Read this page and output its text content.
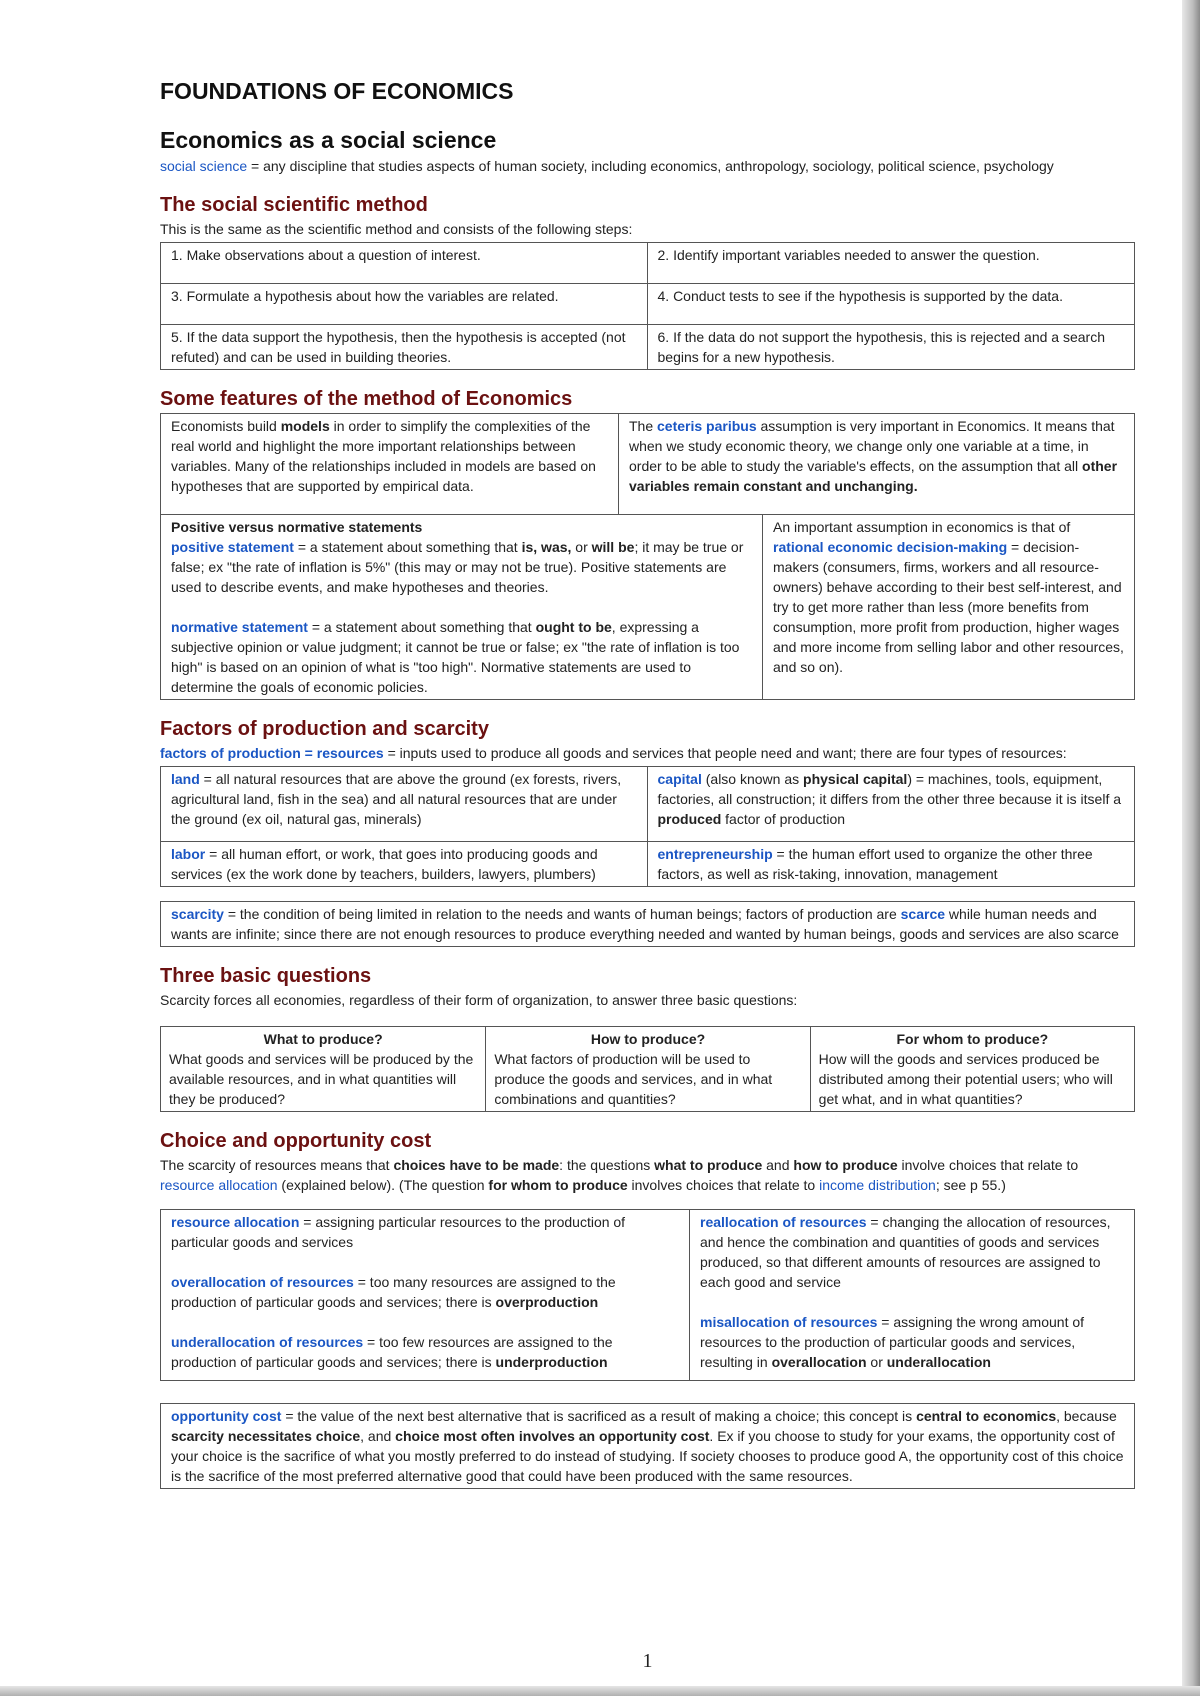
FOUNDATIONS OF ECONOMICS
Economics as a social science

social science = any discipline that studies aspects of human society, including economics, anthropology, sociology, political science, psychology

The social scientific method

This is the same as the scientific method and consists of the following steps:

1. Make observations about a question of interest.	2. Identify important variables needed to answer the question.
3. Formulate a hypothesis about how the variables are related.	4. Conduct tests to see if the hypothesis is supported by the data.
5. If the data support the hypothesis, then the hypothesis is accepted (not refuted) and can be used in building theories.
6. If the data do not support the hypothesis, this is rejected and a search begins for a new hypothesis.
Some features of the method of Economics
Economists build models in order to simplify the complexities of the real world and highlight the more important relationships between variables. Many of the relationships included in models are based on hypotheses that are supported by empirical data.
The ceteris paribus assumption is very important in Economics. It means that when we study economic theory, we change only one variable at a time, in order to be able to study the variable's effects, on the assumption that all other variables remain constant and unchanging.
Positive versus normative statements
positive statement = a statement about something that is, was, or will be; it may be true or false; ex "the rate of inflation is 5%" (this may or may not be true). Positive statements are used to describe events, and make hypotheses and theories.
normative statement = a statement about something that ought to be, expressing a subjective opinion or value judgment; it cannot be true or false; ex "the rate of inflation is too high" is based on an opinion of what is "too high". Normative statements are used to determine the goals of economic policies.
An important assumption in economics is that of rational economic decision-making = decision-makers (consumers, firms, workers and all resource-owners) behave according to their best self-interest, and try to get more rather than less (more benefits from consumption, more profit from production, higher wages and more income from selling labor and other resources, and so on).
Factors of production and scarcity

factors of production = resources = inputs used to produce all goods and services that people need and want; there are four types of resources:

land = all natural resources that are above the ground (ex forests, rivers, agricultural land, fish in the sea) and all natural resources that are under the ground (ex oil, natural gas, minerals)
capital (also known as physical capital) = machines, tools, equipment, factories, all construction; it differs from the other three because it is itself a produced factor of production
labor = all human effort, or work, that goes into producing goods and services (ex the work done by teachers, builders, lawyers, plumbers)
entrepreneurship = the human effort used to organize the other three factors, as well as risk-taking, innovation, management
scarcity = the condition of being limited in relation to the needs and wants of human beings; factors of production are scarce while human needs and wants are infinite; since there are not enough resources to produce everything needed and wanted by human beings, goods and services are also scarce
Three basic questions

Scarcity forces all economies, regardless of their form of organization, to answer three basic questions:

What to produce?
What goods and services will be produced by the available resources, and in what quantities will they be produced?
How to produce?
What factors of production will be used to produce the goods and services, and in what combinations and quantities?
For whom to produce?
How will the goods and services produced be distributed among their potential users; who will get what, and in what quantities?
Choice and opportunity cost

The scarcity of resources means that choices have to be made: the questions what to produce and how to produce involve choices that relate to resource allocation (explained below). (The question for whom to produce involves choices that relate to income distribution; see p 55.)

resource allocation = assigning particular resources to the production of particular goods and services
overallocation of resources = too many resources are assigned to the production of particular goods and services; there is overproduction
underallocation of resources = too few resources are assigned to the production of particular goods and services; there is underproduction
reallocation of resources = changing the allocation of resources, and hence the combination and quantities of goods and services produced, so that different amounts of resources are assigned to each good and service
misallocation of resources = assigning the wrong amount of resources to the production of particular goods and services, resulting in overallocation or underallocation
opportunity cost = the value of the next best alternative that is sacrificed as a result of making a choice; this concept is central to economics, because scarcity necessitates choice, and choice most often involves an opportunity cost. Ex if you choose to study for your exams, the opportunity cost of your choice is the sacrifice of what you mostly preferred to do instead of studying. If society chooses to produce good A, the opportunity cost of this choice is the sacrifice of the most preferred alternative good that could have been produced with the same resources.
1
